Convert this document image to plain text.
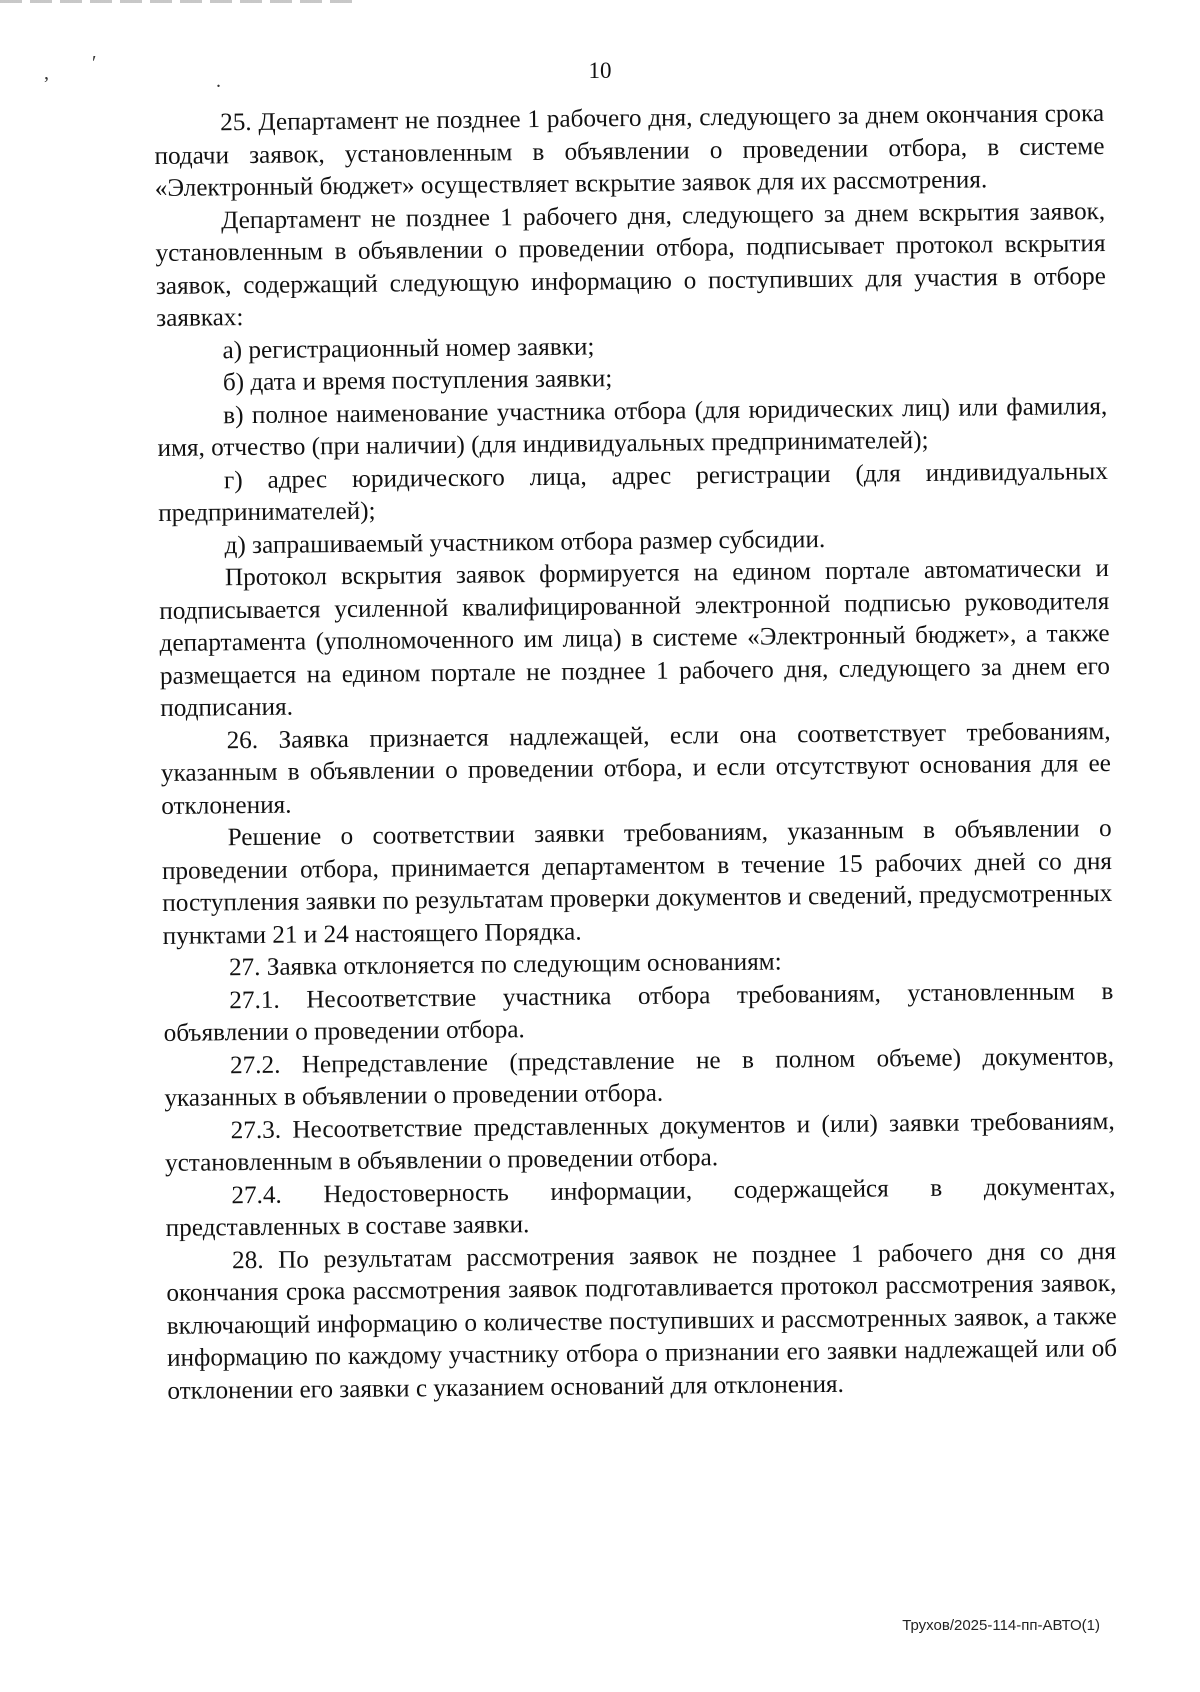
, ′
.	10

25. Департамент не позднее 1 рабочего дня, следующего за днем окончания срока подачи заявок, установленным в объявлении о проведении отбора, в системе «Электронный бюджет» осуществляет вскрытие заявок для их рассмотрения.

Департамент не позднее 1 рабочего дня, следующего за днем вскрытия заявок, установленным в объявлении о проведении отбора, подписывает протокол вскрытия заявок, содержащий следующую информацию о поступивших для участия в отборе заявках:

а) регистрационный номер заявки;

б) дата и время поступления заявки;

в) полное наименование участника отбора (для юридических лиц) или фамилия, имя, отчество (при наличии) (для индивидуальных предпринимателей);

г) адрес юридического лица, адрес регистрации (для индивидуальных предпринимателей);

д) запрашиваемый участником отбора размер субсидии.

Протокол вскрытия заявок формируется на едином портале автоматически и подписывается усиленной квалифицированной электронной подписью руководителя департамента (уполномоченного им лица) в системе «Электронный бюджет», а также размещается на едином портале не позднее 1 рабочего дня, следующего за днем его подписания.

26. Заявка признается надлежащей, если она соответствует требованиям, указанным в объявлении о проведении отбора, и если отсутствуют основания для ее отклонения.

Решение о соответствии заявки требованиям, указанным в объявлении о проведении отбора, принимается департаментом в течение 15 рабочих дней со дня поступления заявки по результатам проверки документов и сведений, предусмотренных пунктами 21 и 24 настоящего Порядка.

27. Заявка отклоняется по следующим основаниям:

27.1. Несоответствие участника отбора требованиям, установленным в объявлении о проведении отбора.

27.2. Непредставление (представление не в полном объеме) документов, указанных в объявлении о проведении отбора.

27.3. Несоответствие представленных документов и (или) заявки требованиям, установленным в объявлении о проведении отбора.

27.4. Недостоверность информации, содержащейся в документах, представленных в составе заявки.

28. По результатам рассмотрения заявок не позднее 1 рабочего дня со дня окончания срока рассмотрения заявок подготавливается протокол рассмотрения заявок, включающий информацию о количестве поступивших и рассмотренных заявок, а также информацию по каждому участнику отбора о признании его заявки надлежащей или об отклонении его заявки с указанием оснований для отклонения.

Трухов/2025-114-пп-АВТО(1)
